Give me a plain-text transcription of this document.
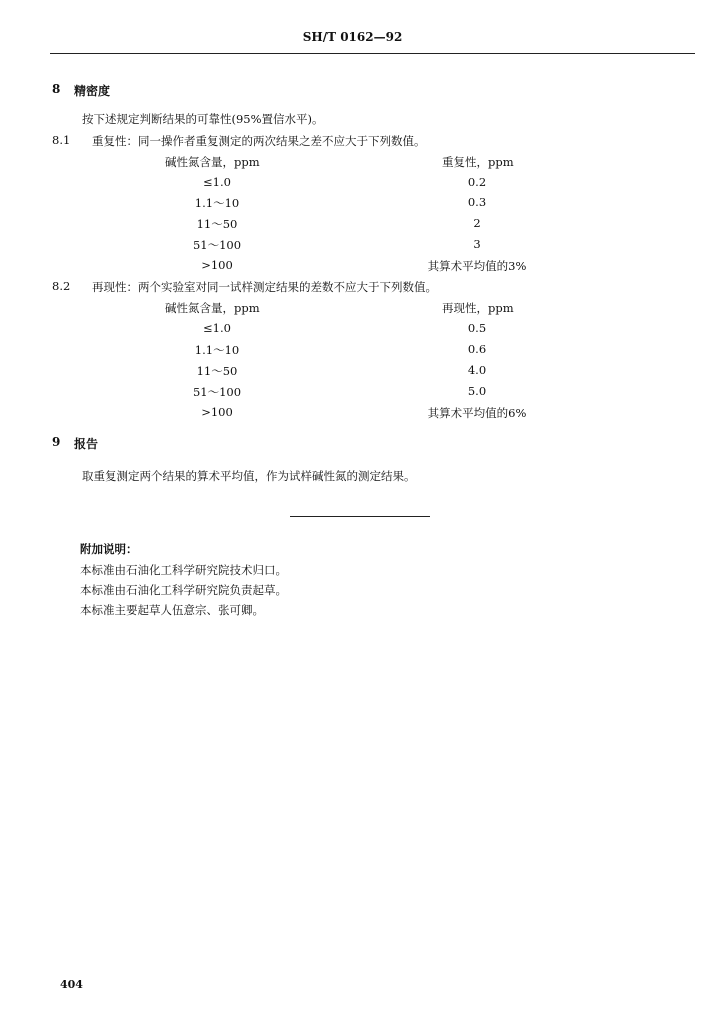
SH/T 0162—92
8 精密度
按下述规定判断结果的可靠性(95%置信水平)。
8.1 重复性：同一操作者重复测定的两次结果之差不应大于下列数值。
碱性氮含量，ppm	重复性，ppm
≤1.0	0.2
1.1～10	0.3
11～50	2
51～100	3
>100	其算术平均值的3%
8.2 再现性：两个实验室对同一试样测定结果的差数不应大于下列数值。
碱性氮含量，ppm	再现性，ppm
≤1.0	0.5
1.1～10	0.6
11～50	4.0
51～100	5.0
>100	其算术平均值的6%
9 报告
取重复测定两个结果的算术平均值，作为试样碱性氮的测定结果。
附加说明：
本标准由石油化工科学研究院技术归口。
本标准由石油化工科学研究院负责起草。
本标准主要起草人伍意宗、张可卿。
404
